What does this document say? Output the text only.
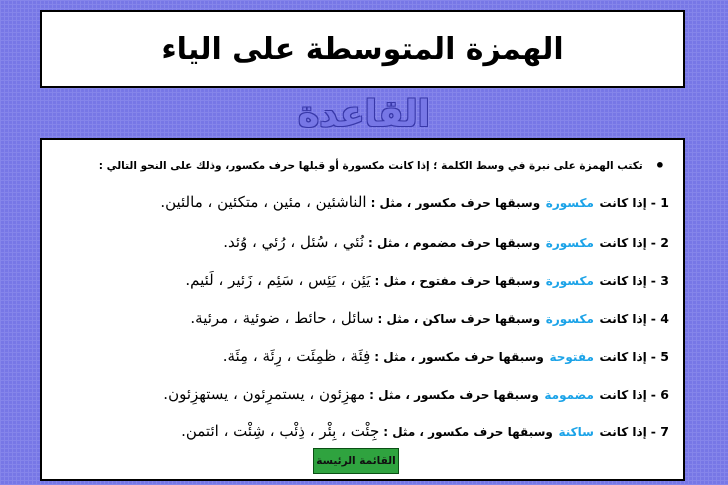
الهمزة المتوسطة على الياء
القاعدة
•
تكتب الهمزة على نبرة في وسط الكلمة ؛ إذا كانت مكسورة أو قبلها حرف مكسور، وذلك على النحو التالي :
1 -
إذا كانت

مكسورة

وسبقها حرف مكسور ، مثل :
الناشئين ، مئين ، متكئين ، مالئين.
2 -
إذا كانت

مكسورة

وسبقها حرف مضموم ، مثل :
نُئي ، سُئل ، رُئي ، وُئد.
3 -
إذا كانت

مكسورة

وسبقها حرف مفتوح ، مثل :
يَئِن ، يَئِس ، سَئِم ، زَئير ، لَئيم.
4 -
إذا كانت

مكسورة

وسبقها حرف ساكن ، مثل :
سائل ، حائط ، ضوئية ، مرئية.
5 -
إذا كانت

مفتوحة

وسبقها حرف مكسور ، مثل :
فِئَة ، ظمِئَت ، رِئَة ، مِئَة.
6 -
إذا كانت

مضمومة

وسبقها حرف مكسور ، مثل :
مهزِئون ، يستمرِئون ، يستهزِئون.
7 -
إذا كانت

ساكنة

وسبقها حرف مكسور ، مثل :
جِئْت ، بِئْر ، ذِئْب ، شِئْت ، ائتمن.
القائمة الرئيسة
